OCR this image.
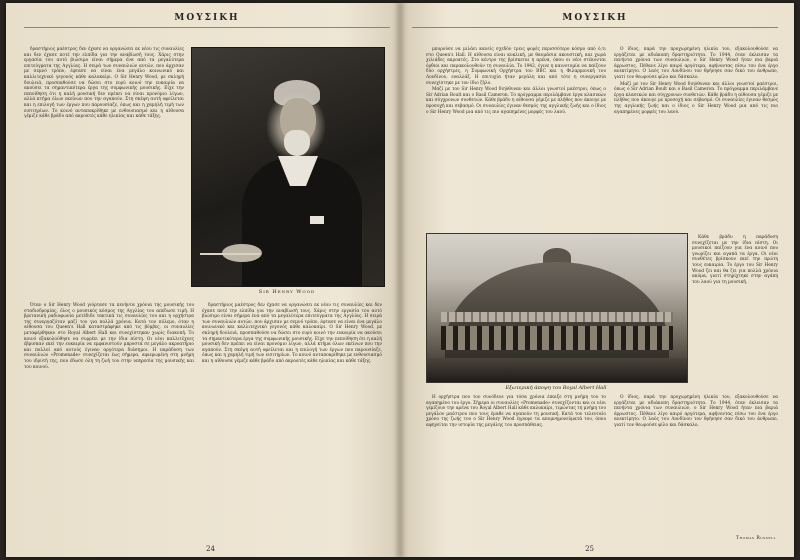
ΜΟΥΣΙΚΗ

δραστήριος μαέστρος δεν έχασε να οργανώσει εκ νέου τις συναυλίες και δεν έχασε ποτέ την ελπίδα για την αναβίωσή τους. Χάρις στην εργασία του αυτό βιώσιμο είναι σήμερα ένα από τα μεγαλύτερα επιτεύγματα της Αγγλίας. Η σειρά των συναυλιών αυτών, που άρχισαν με σεμνό τρόπο, έφτασε να είναι ένα μεγάλο κοινωνικό και καλλιτεχνικό γεγονός κάθε καλοκαίρι. Ο Sir Henry Wood, με σκληρή δουλειά, προσπαθούσε να δώσει στο ευρύ κοινό την ευκαιρία να ακούσει τα σημαντικότερα έργα της συμφωνικής μουσικής. Είχε την πεποίθηση ότι η καλή μουσική δεν πρέπει να είναι προνόμιο λίγων, αλλά κτήμα όλων εκείνων που την αγαπούν. Στη σκέψη αυτή οφείλεται και η επιλογή των έργων που παρουσίαζε, όπως και η χαμηλή τιμή των εισιτηρίων. Το κοινό ανταποκρίθηκε με ενθουσιασμό και η αίθουσα γέμιζε κάθε βράδυ από ακροατές κάθε ηλικίας και κάθε τάξης.

Sir Henry Wood

Όταν ο Sir Henry Wood γιόρτασε τα πενήντα χρόνια της μουσικής του σταδιοδρομίας, όλος ο μουσικός κόσμος της Αγγλίας του απέδωσε τιμή. Η βρετανική ραδιοφωνία μετέδιδε τακτικά τις συναυλίες του και η ορχήστρα της συνεργαζόταν μαζί του για πολλά χρόνια. Κατά τον πόλεμο, όταν η αίθουσα του Queen's Hall καταστράφηκε από τις βόμβες, οι συναυλίες μεταφέρθηκαν στο Royal Albert Hall και συνεχίστηκαν χωρίς διακοπή. Το κοινό εξακολούθησε να συρρέει με την ίδια πίστη. Οι νέοι καλλιτέχνες έβρισκαν εκεί την ευκαιρία να εμφανιστούν μπροστά σε μεγάλο ακροατήριο και πολλοί από αυτούς έγιναν αργότερα διάσημοι. Η παράδοση των συναυλιών «Promenade» συνεχίζεται έως σήμερα, αφιερωμένη στη μνήμη του ιδρυτή της, που έδωσε όλη τη ζωή του στην υπηρεσία της μουσικής και του κοινού.

δραστήριος μαέστρος δεν έχασε να οργανώσει εκ νέου τις συναυλίες και δεν έχασε ποτέ την ελπίδα για την αναβίωσή τους. Χάρις στην εργασία του αυτό βιώσιμο είναι σήμερα ένα από τα μεγαλύτερα επιτεύγματα της Αγγλίας. Η σειρά των συναυλιών αυτών, που άρχισαν με σεμνό τρόπο, έφτασε να είναι ένα μεγάλο κοινωνικό και καλλιτεχνικό γεγονός κάθε καλοκαίρι. Ο Sir Henry Wood, με σκληρή δουλειά, προσπαθούσε να δώσει στο ευρύ κοινό την ευκαιρία να ακούσει τα σημαντικότερα έργα της συμφωνικής μουσικής. Είχε την πεποίθηση ότι η καλή μουσική δεν πρέπει να είναι προνόμιο λίγων, αλλά κτήμα όλων εκείνων που την αγαπούν. Στη σκέψη αυτή οφείλεται και η επιλογή των έργων που παρουσίαζε, όπως και η χαμηλή τιμή των εισιτηρίων. Το κοινό ανταποκρίθηκε με ενθουσιασμό και η αίθουσα γέμιζε κάθε βράδυ από ακροατές κάθε ηλικίας και κάθε τάξης.

24
ΜΟΥΣΙΚΗ

μπορούσε να μιλάει κανείς σχεδόν τρεις φορές περισσότερο κόσμο από ό,τι στο Queen's Hall. Η αίθουσα είναι κυκλική, με θαυμάσια ακουστική, και χωρά χιλιάδες ακροατές. Στο κέντρο της βρίσκεται η αρένα, όπου οι νέοι στέκονται όρθιοι και παρακολουθούν τη συναυλία. Το 1942, έγινε η καινοτομία να παίζουν δύο ορχήστρες, η Συμφωνική Ορχήστρα του BBC και η Φιλαρμονική του Λονδίνου, εναλλάξ. Η επιτυχία ήταν μεγάλη και από τότε η συνεργασία συνεχίστηκε με τον ίδιο ζήλο.

Μαζί με τον Sir Henry Wood διηύθυναν και άλλοι γνωστοί μαέστροι, όπως ο Sir Adrian Boult και ο Basil Cameron. Το πρόγραμμα περιλάμβανε έργα κλασικών και σύγχρονων συνθετών. Κάθε βράδυ η αίθουσα γέμιζε με πλήθος που άκουγε με προσοχή και σεβασμό. Οι συναυλίες έγιναν θεσμός της αγγλικής ζωής και ο ίδιος ο Sir Henry Wood μια από τις πιο αγαπημένες μορφές του λαού.

Ο ίδιος, παρά την προχωρημένη ηλικία του, εξακολουθούσε να εργάζεται με αδιάκοπη δραστηριότητα. Το 1944, όταν έκλεισαν τα πενήντα χρόνια των συναυλιών, ο Sir Henry Wood ήταν πια βαριά άρρωστος. Πέθανε λίγο καιρό αργότερα, αφήνοντας πίσω του ένα έργο ανεκτίμητο. Ο λαός του Λονδίνου τον θρήνησε σαν δικό του άνθρωπο, γιατί τον θεωρούσε φίλο και δάσκαλο.

Μαζί με τον Sir Henry Wood διηύθυναν και άλλοι γνωστοί μαέστροι, όπως ο Sir Adrian Boult και ο Basil Cameron. Το πρόγραμμα περιλάμβανε έργα κλασικών και σύγχρονων συνθετών. Κάθε βράδυ η αίθουσα γέμιζε με πλήθος που άκουγε με προσοχή και σεβασμό. Οι συναυλίες έγιναν θεσμός της αγγλικής ζωής και ο ίδιος ο Sir Henry Wood μια από τις πιο αγαπημένες μορφές του λαού.

Εξωτερική άποψη του Royal Albert Hall

Κάθε βράδυ η παράδοση συνεχίζεται με την ίδια πίστη. Οι μουσικοί παίζουν για ένα κοινό που γνωρίζει και αγαπά τα έργα. Οι νέοι συνθέτες βρίσκουν εκεί την πρώτη τους ευκαιρία. Το έργο του Sir Henry Wood ζει και θα ζει για πολλά χρόνια ακόμα, γιατί στηρίχτηκε στην αγάπη του λαού για τη μουσική.

Η ορχήστρα που τον συνόδευε για τόσα χρόνια έπαιξε στη μνήμη του το αγαπημένο του έργο. Σήμερα οι συναυλίες «Promenade» συνεχίζονται και οι νέοι γεμίζουν την αρένα του Royal Albert Hall κάθε καλοκαίρι, τιμώντας τη μνήμη του μεγάλου μαέστρου που τους έμαθε να αγαπούν τη μουσική. Κατά τον τελευταίο χρόνο της ζωής του ο Sir Henry Wood έγραψε τα απομνημονεύματά του, όπου αφηγείται την ιστορία της μεγάλης του προσπάθειας.

Ο ίδιος, παρά την προχωρημένη ηλικία του, εξακολουθούσε να εργάζεται με αδιάκοπη δραστηριότητα. Το 1944, όταν έκλεισαν τα πενήντα χρόνια των συναυλιών, ο Sir Henry Wood ήταν πια βαριά άρρωστος. Πέθανε λίγο καιρό αργότερα, αφήνοντας πίσω του ένα έργο ανεκτίμητο. Ο λαός του Λονδίνου τον θρήνησε σαν δικό του άνθρωπο, γιατί τον θεωρούσε φίλο και δάσκαλο.

Thomas Russell
25
